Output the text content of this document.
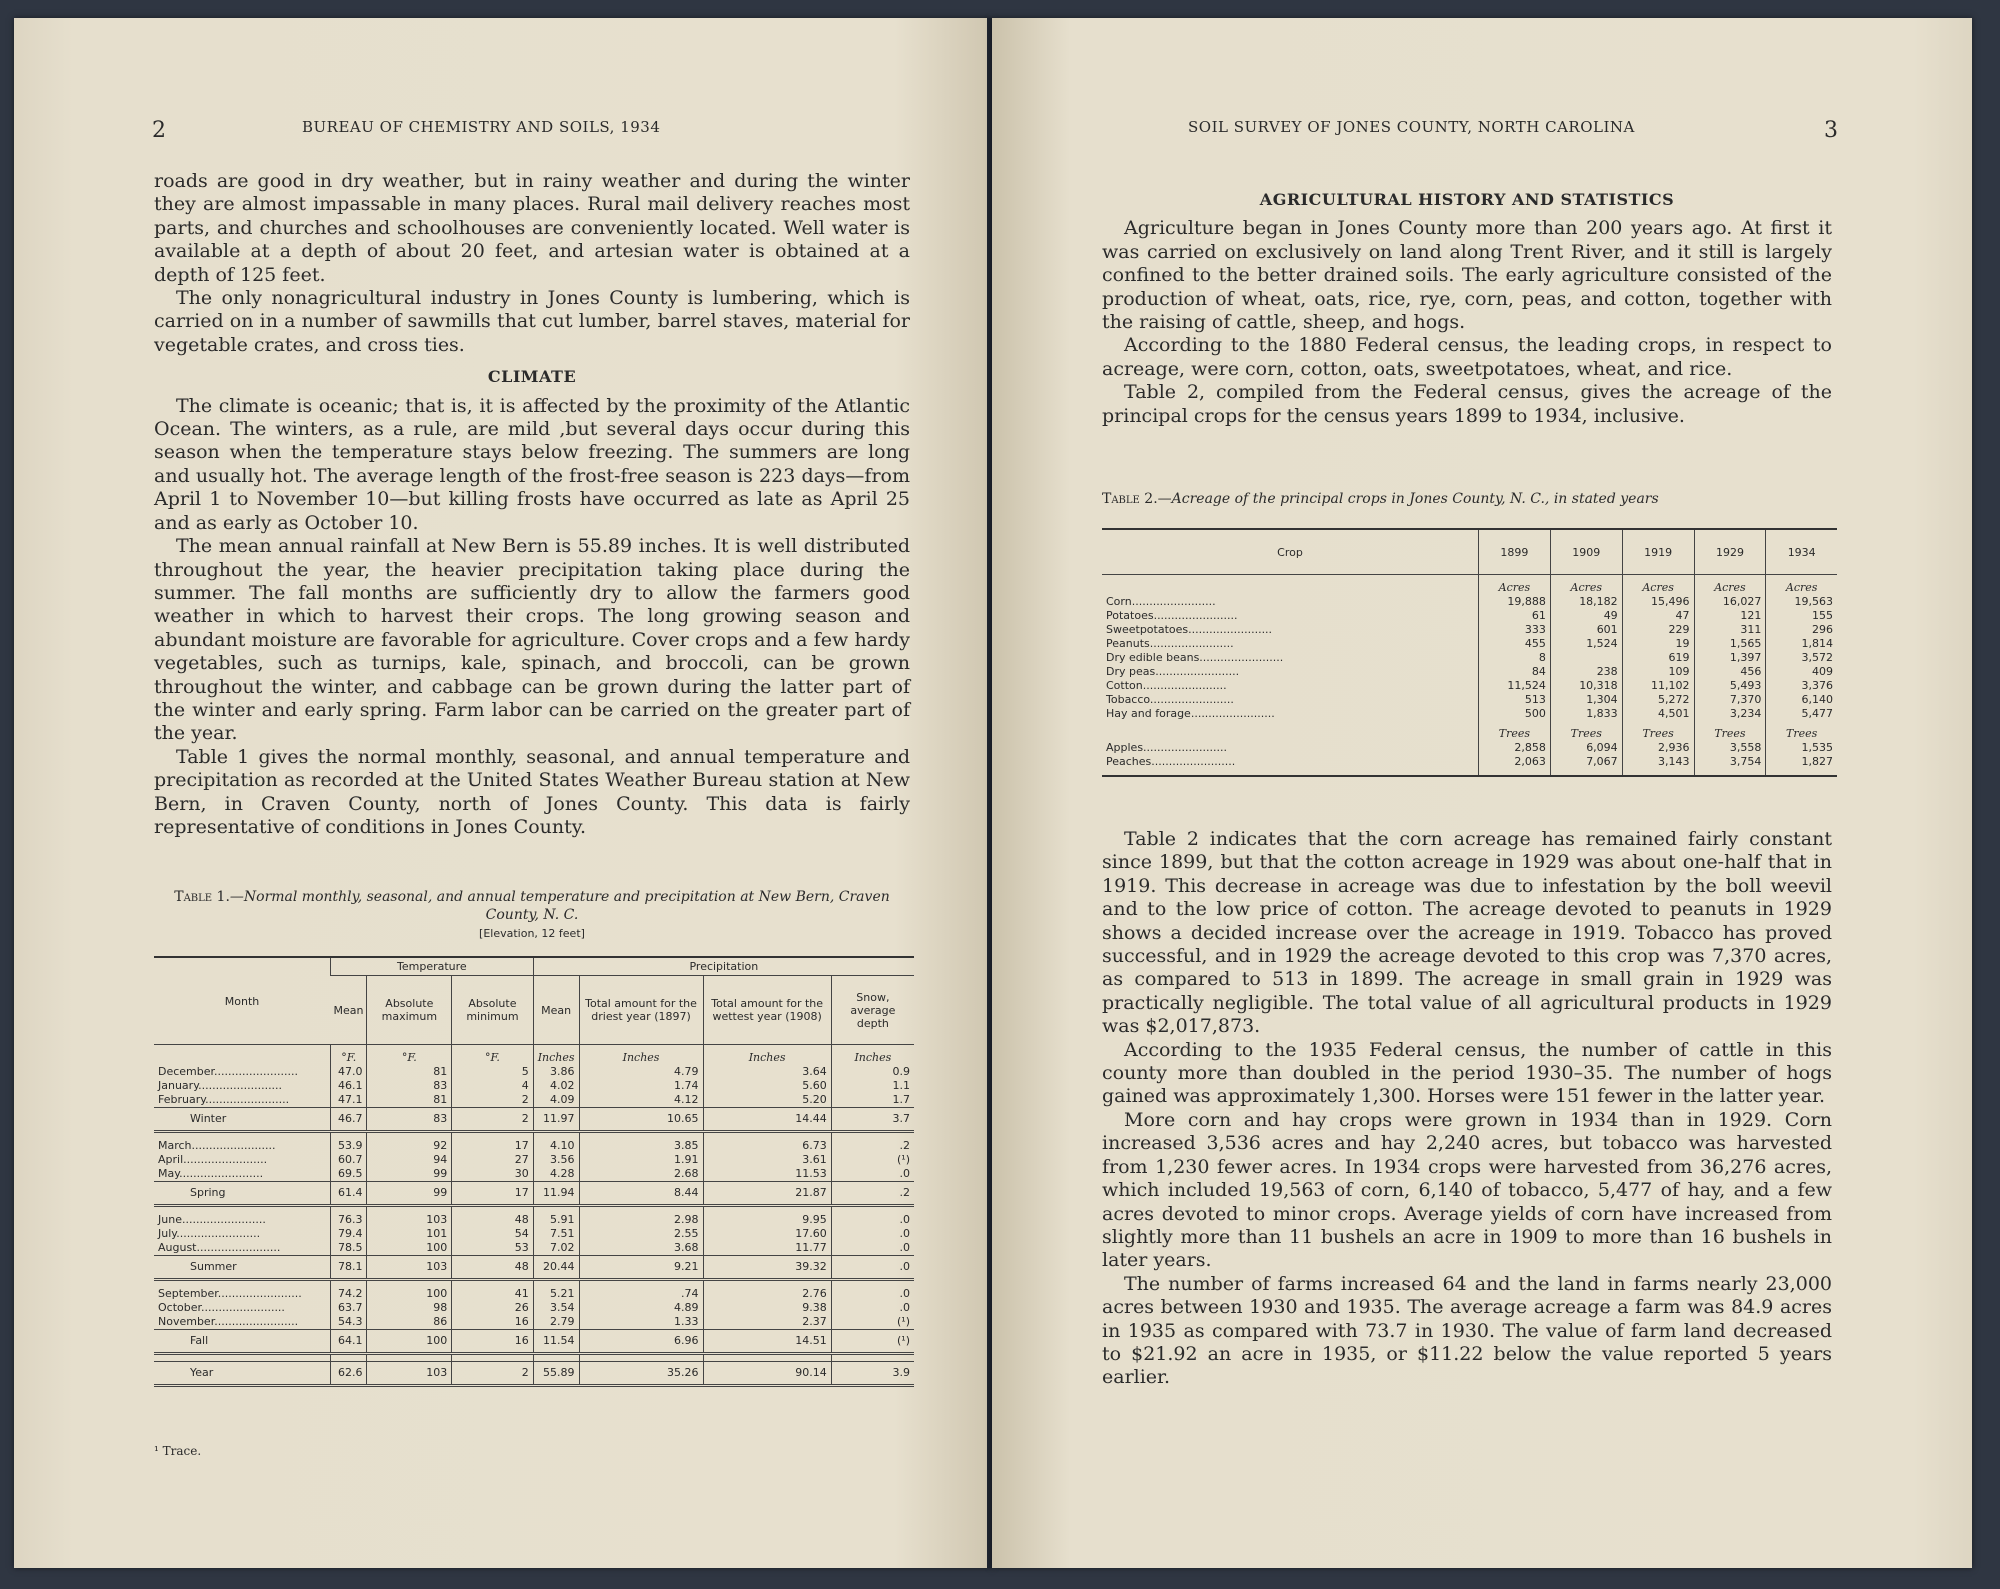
2	BUREAU OF CHEMISTRY AND SOILS, 1934

roads are good in dry weather, but in rainy weather and during the winter they are almost impassable in many places. Rural mail delivery reaches most parts, and churches and schoolhouses are conveniently located. Well water is available at a depth of about 20 feet, and artesian water is obtained at a depth of 125 feet.

The only nonagricultural industry in Jones County is lumbering, which is carried on in a number of sawmills that cut lumber, barrel staves, material for vegetable crates, and cross ties.

CLIMATE

The climate is oceanic; that is, it is affected by the proximity of the Atlantic Ocean. The winters, as a rule, are mild ,but several days occur during this season when the temperature stays below freezing. The summers are long and usually hot. The average length of the frost-free season is 223 days—from April 1 to November 10—but killing frosts have occurred as late as April 25 and as early as October 10.

The mean annual rainfall at New Bern is 55.89 inches. It is well distributed throughout the year, the heavier precipitation taking place during the summer. The fall months are sufficiently dry to allow the farmers good weather in which to harvest their crops. The long growing season and abundant moisture are favorable for agriculture. Cover crops and a few hardy vegetables, such as turnips, kale, spinach, and broccoli, can be grown throughout the winter, and cabbage can be grown during the latter part of the winter and early spring. Farm labor can be carried on the greater part of the year.

Table 1 gives the normal monthly, seasonal, and annual temperature and precipitation as recorded at the United States Weather Bureau station at New Bern, in Craven County, north of Jones County. This data is fairly representative of conditions in Jones County.

Table 1.—Normal monthly, seasonal, and annual temperature and precipitation at New Bern, Craven County, N. C.
[Elevation, 12 feet]
Month	Temperature			Precipitation			
	Mean	Absolute maximum	Absolute minimum	Mean	Total amount for the driest year (1897)	Total amount for the wettest year (1908)	Snow, average depth
	°F.	°F.	°F.	Inches	Inches	Inches	Inches
December........................	47.0	81	5	3.86	4.79	3.64	0.9
January........................	46.1	83	4	4.02	1.74	5.60	1.1
February........................	47.1	81	2	4.09	4.12	5.20	1.7
Winter	46.7	83	2	11.97	10.65	14.44	3.7

March........................	53.9	92	17	4.10	3.85	6.73	.2
April........................	60.7	94	27	3.56	1.91	3.61	(¹)
May........................	69.5	99	30	4.28	2.68	11.53	.0
Spring	61.4	99	17	11.94	8.44	21.87	.2

June........................	76.3	103	48	5.91	2.98	9.95	.0
July........................	79.4	101	54	7.51	2.55	17.60	.0
August........................	78.5	100	53	7.02	3.68	11.77	.0
Summer	78.1	103	48	20.44	9.21	39.32	.0

September........................	74.2	100	41	5.21	.74	2.76	.0
October........................	63.7	98	26	3.54	4.89	9.38	.0
November........................	54.3	86	16	2.79	1.33	2.37	(¹)
Fall	64.1	100	16	11.54	6.96	14.51	(¹)

Year	62.6	103	2	55.89	35.26	90.14	3.9
¹ Trace.
SOIL SURVEY OF JONES COUNTY, NORTH CAROLINA	3
AGRICULTURAL HISTORY AND STATISTICS

Agriculture began in Jones County more than 200 years ago. At first it was carried on exclusively on land along Trent River, and it still is largely confined to the better drained soils. The early agriculture consisted of the production of wheat, oats, rice, rye, corn, peas, and cotton, together with the raising of cattle, sheep, and hogs.

According to the 1880 Federal census, the leading crops, in respect to acreage, were corn, cotton, oats, sweetpotatoes, wheat, and rice.

Table 2, compiled from the Federal census, gives the acreage of the principal crops for the census years 1899 to 1934, inclusive.

Table 2.—Acreage of the principal crops in Jones County, N. C., in stated years
Crop	1899	1909	1919	1929	1934
	Acres	Acres	Acres	Acres	Acres
Corn........................	19,888	18,182	15,496	16,027	19,563
Potatoes........................	61	49	47	121	155
Sweetpotatoes........................	333	601	229	311	296
Peanuts........................	455	1,524	19	1,565	1,814
Dry edible beans........................	8		619	1,397	3,572
Dry peas........................	84	238	109	456	409
Cotton........................	11,524	10,318	11,102	5,493	3,376
Tobacco........................	513	1,304	5,272	7,370	6,140
Hay and forage........................	500	1,833	4,501	3,234	5,477
	Trees	Trees	Trees	Trees	Trees
Apples........................	2,858	6,094	2,936	3,558	1,535
Peaches........................	2,063	7,067	3,143	3,754	1,827

Table 2 indicates that the corn acreage has remained fairly constant since 1899, but that the cotton acreage in 1929 was about one-half that in 1919. This decrease in acreage was due to infestation by the boll weevil and to the low price of cotton. The acreage devoted to peanuts in 1929 shows a decided increase over the acreage in 1919. Tobacco has proved successful, and in 1929 the acreage devoted to this crop was 7,370 acres, as compared to 513 in 1899. The acreage in small grain in 1929 was practically negligible. The total value of all agricultural products in 1929 was $2,017,873.

According to the 1935 Federal census, the number of cattle in this county more than doubled in the period 1930–35. The number of hogs gained was approximately 1,300. Horses were 151 fewer in the latter year.

More corn and hay crops were grown in 1934 than in 1929. Corn increased 3,536 acres and hay 2,240 acres, but tobacco was harvested from 1,230 fewer acres. In 1934 crops were harvested from 36,276 acres, which included 19,563 of corn, 6,140 of tobacco, 5,477 of hay, and a few acres devoted to minor crops. Average yields of corn have increased from slightly more than 11 bushels an acre in 1909 to more than 16 bushels in later years.

The number of farms increased 64 and the land in farms nearly 23,000 acres between 1930 and 1935. The average acreage a farm was 84.9 acres in 1935 as compared with 73.7 in 1930. The value of farm land decreased to $21.92 an acre in 1935, or $11.22 below the value reported 5 years earlier.
